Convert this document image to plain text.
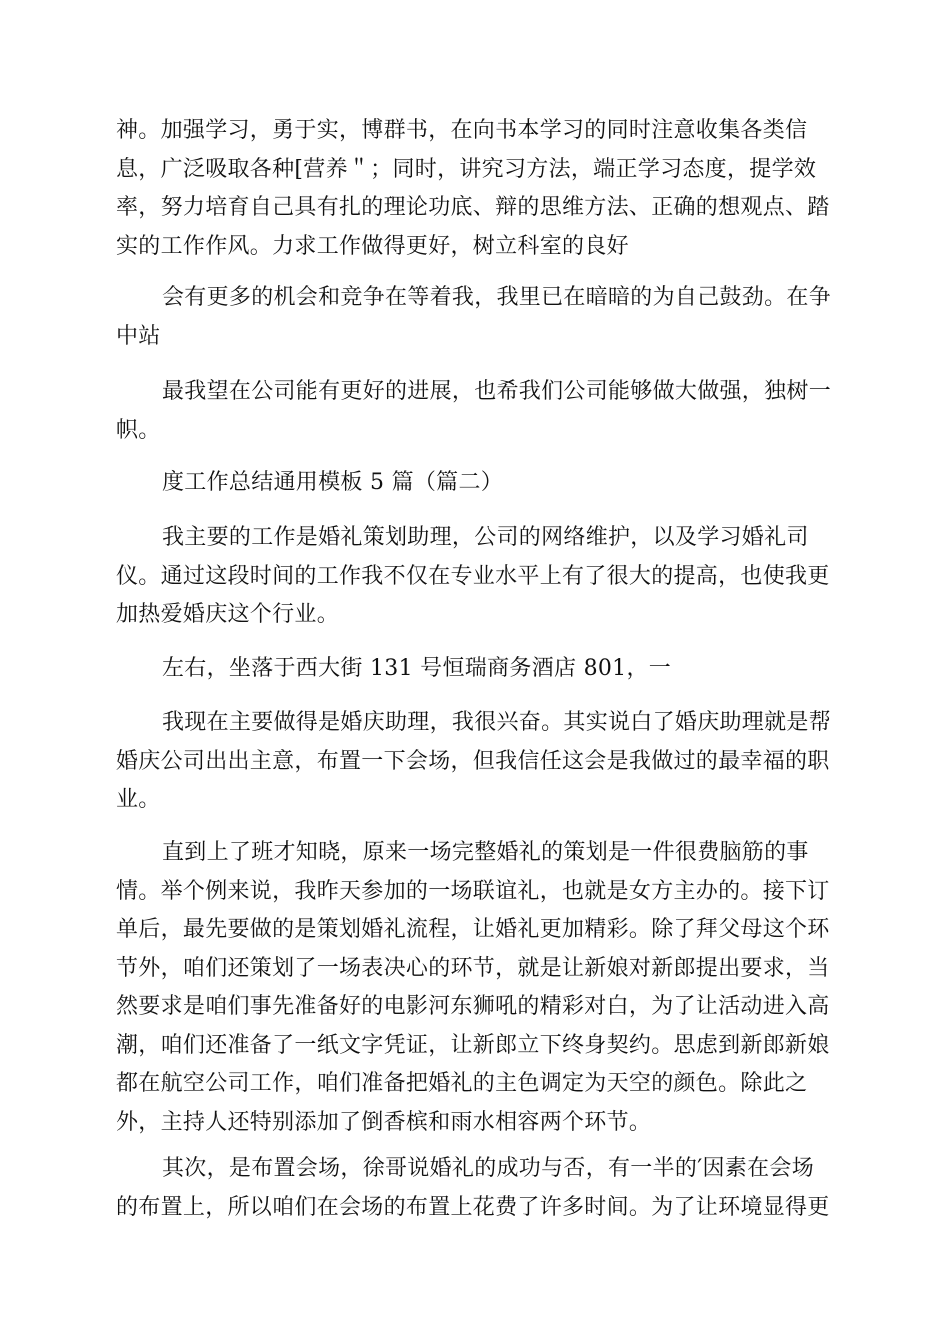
神。加强学习，勇于实，博群书，在向书本学习的同时注意收集各类信
息，广泛吸取各种[营养＂；同时，讲究习方法，端正学习态度，提学效
率，努力培育自己具有扎的理论功底、辩的思维方法、正确的想观点、踏
实的工作作风。力求工作做得更好，树立科室的良好
会有更多的机会和竞争在等着我，我里已在暗暗的为自己鼓劲。在争
中站
最我望在公司能有更好的进展，也希我们公司能够做大做强，独树一
帜。
度工作总结通用模板 5 篇（篇二）
我主要的工作是婚礼策划助理，公司的网络维护，以及学习婚礼司
仪。通过这段时间的工作我不仅在专业水平上有了很大的提高，也使我更
加热爱婚庆这个行业。
左右，坐落于西大街 131 号恒瑞商务酒店 801，一
我现在主要做得是婚庆助理，我很兴奋。其实说白了婚庆助理就是帮
婚庆公司出出主意，布置一下会场，但我信任这会是我做过的最幸福的职
业。
直到上了班才知晓，原来一场完整婚礼的策划是一件很费脑筋的事
情。举个例来说，我昨天参加的一场联谊礼，也就是女方主办的。接下订
单后，最先要做的是策划婚礼流程，让婚礼更加精彩。除了拜父母这个环
节外，咱们还策划了一场表决心的环节，就是让新娘对新郎提出要求，当
然要求是咱们事先准备好的电影河东狮吼的精彩对白，为了让活动进入高
潮，咱们还准备了一纸文字凭证，让新郎立下终身契约。思虑到新郎新娘
都在航空公司工作，咱们准备把婚礼的主色调定为天空的颜色。除此之
外，主持人还特别添加了倒香槟和雨水相容两个环节。
其次，是布置会场，徐哥说婚礼的成功与否，有一半的′因素在会场
的布置上，所以咱们在会场的布置上花费了许多时间。为了让环境显得更
